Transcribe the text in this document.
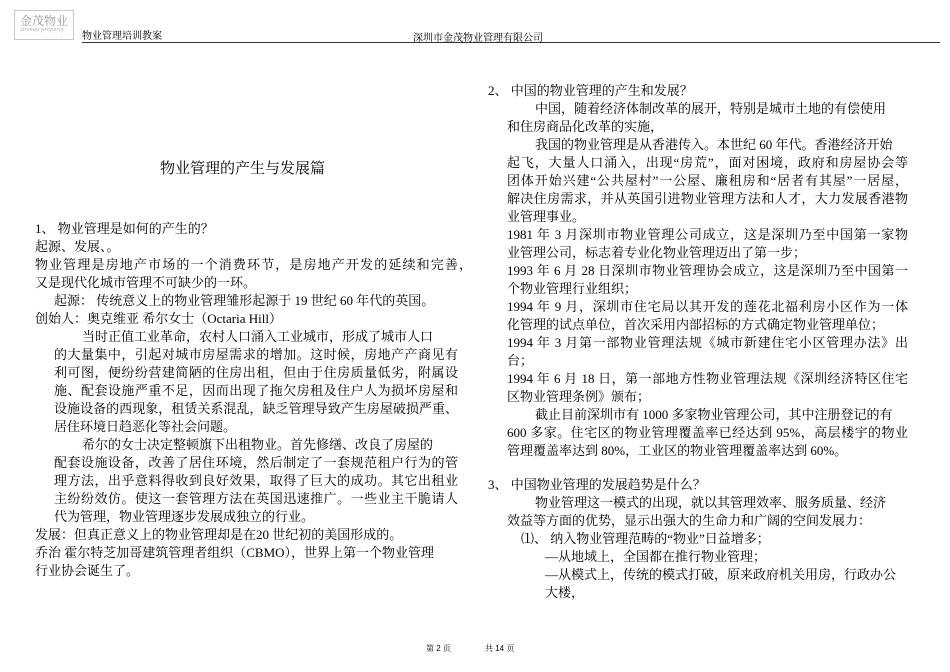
金茂物业
Jinmao property
物业管理培训教案	深圳市金茂物业管理有限公司
物业管理的产生与发展篇
1、 物业管理是如何的产生的？
起源、发展、。
物业管理是房地产市场的一个消费环节，是房地产开发的延续和完善，
又是现代化城市管理不可缺少的一环。
起源： 传统意义上的物业管理雏形起源于 19 世纪 60 年代的英国。
创始人：奥克维亚 希尔女士（Octaria Hill）
当时正值工业革命，农村人口涌入工业城市，形成了城市人口
的大量集中，引起对城市房屋需求的增加。这时候，房地产产商见有
利可图，便纷纷营建简陋的住房出租，但由于住房质量低劣，附属设
施、配套设施严重不足，因而出现了拖欠房租及住户人为损坏房屋和
设施设备的西现象，租赁关系混乱，缺乏管理导致产生房屋破损严重、
居住环境日趋恶化等社会问题。
希尔的女士决定整顿旗下出租物业。首先修缮、改良了房屋的
配套设施设备，改善了居住环境，然后制定了一套规范租户行为的管
理方法，出乎意料得收到良好效果，取得了巨大的成功。其它出租业
主纷纷效仿。使这一套管理方法在英国迅速推广。一些业主干脆请人
代为管理，物业管理逐步发展成独立的行业。
发展：但真正意义上的物业管理却是在20 世纪初的美国形成的。
乔治 霍尔特芝加哥建筑管理者组织（CBMO），世界上第一个物业管理
行业协会诞生了。
2、 中国的物业管理的产生和发展？
中国，随着经济体制改革的展开，特别是城市土地的有偿使用
和住房商品化改革的实施，
我国的物业管理是从香港传入。本世纪 60 年代。香港经济开始
起飞，大量人口涌入，出现“房荒”，面对困境，政府和房屋协会等
团体开始兴建“公共屋村”一公屋、廉租房和“居者有其屋”一居屋，
解决住房需求，并从英国引进物业管理方法和人才，大力发展香港物
业管理事业。
1981 年 3 月深圳市物业管理公司成立，这是深圳乃至中国第一家物
业管理公司，标志着专业化物业管理迈出了第一步；
1993 年 6 月 28 日深圳市物业管理协会成立，这是深圳乃至中国第一
个物业管理行业组织；
1994 年 9 月，深圳市住宅局以其开发的莲花北福利房小区作为一体
化管理的试点单位，首次采用内部招标的方式确定物业管理单位；
1994 年 3 月第一部物业管理法规《城市新建住宅小区管理办法》出
台；
1994 年 6 月 18 日，第一部地方性物业管理法规《深圳经济特区住宅
区物业管理条例》颁布；
截止目前深圳市有 1000 多家物业管理公司，其中注册登记的有
600 多家。住宅区的物业管理覆盖率已经达到 95%，高层楼宇的物业
管理覆盖率达到 80%，工业区的物业管理覆盖率达到 60%。
3、 中国物业管理的发展趋势是什么？
物业管理这一模式的出现，就以其管理效率、服务质量、经济
效益等方面的优势，显示出强大的生命力和广阔的空间发展力：
⑴、 纳入物业管理范畴的“物业”日益增多；
—从地域上，全国都在推行物业管理；
—从模式上，传统的模式打破，原来政府机关用房，行政办公
大楼，
第 2 页	共 14 页
